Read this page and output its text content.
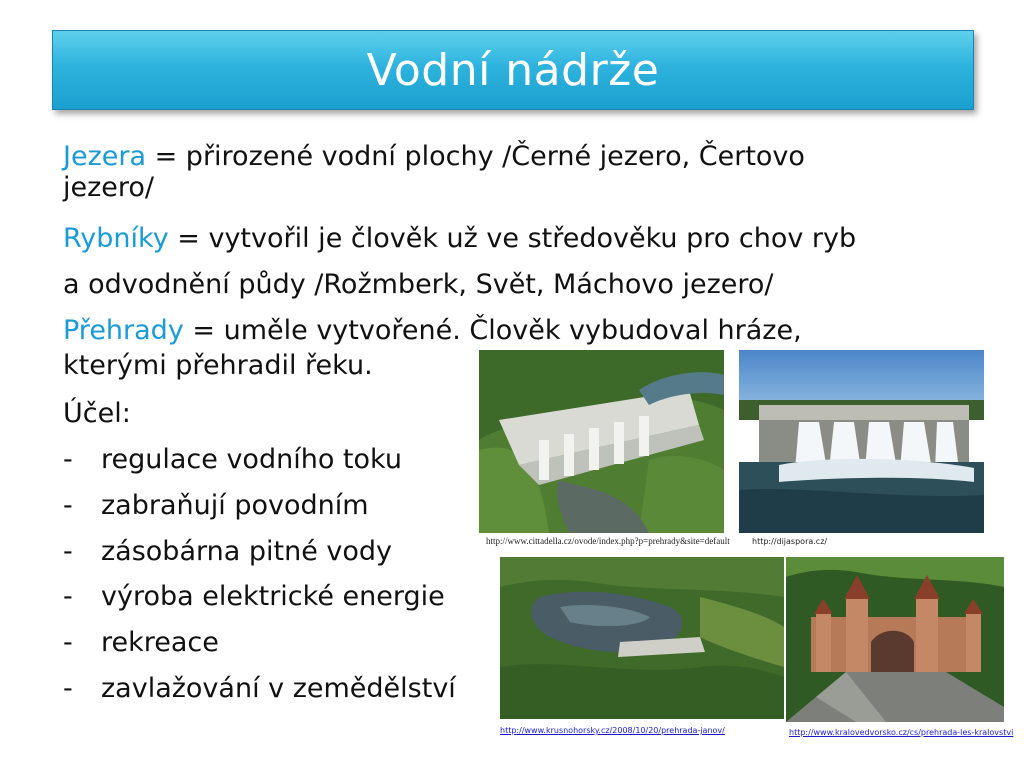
Vodní nádrže
Jezera = přirozené vodní plochy /Černé jezero, Čertovo
jezero/
Rybníky = vytvořil je člověk už ve středověku pro chov ryb
a odvodnění půdy /Rožmberk, Svět, Máchovo jezero/
Přehrady = uměle vytvořené. Člověk vybudoval hráze,
kterými přehradil řeku.
Účel:
- regulace vodního toku
- zabraňují povodním
- zásobárna pitné vody
- výroba elektrické energie
- rekreace
- zavlažování v zemědělství
http://www.cittadella.cz/ovode/index.php?p=prehrady&site=default	http://dijaspora.cz/
http://www.krusnohorsky.cz/2008/10/20/prehrada-janov/	http://www.kralovedvorsko.cz/cs/prehrada-les-kralovstvi
